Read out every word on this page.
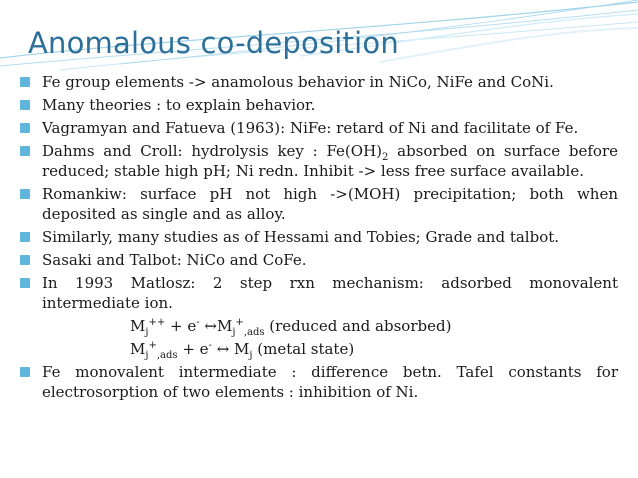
Anomalous co-deposition
Fe group elements -> anamolous behavior in NiCo, NiFe and CoNi.
Many theories : to explain behavior.
Vagramyan and Fatueva (1963): NiFe: retard of Ni and facilitate of Fe.
Dahms and Croll: hydrolysis key : $Fe(OH)_2$ absorbed on surface before reduced; stable high pH; Ni redn. Inhibit -> less free surface available.
Romankiw: surface pH not high ->(MOH) precipitation; both when deposited as single and as alloy.
Similarly, many studies as of Hessami and Tobies; Grade and talbot.
Sasaki and Talbot: NiCo and CoFe.
In 1993 Matlosz: 2 step rxn mechanism: adsorbed monovalent intermediate ion.
$M_j^{++} + e^-$ $\leftrightarrow M_j^+_{,ads}$ (reduced and absorbed)
$M_j^+_{,ads} + e^-$ ↔ $M_j$ (metal state)
Fe monovalent intermediate : difference betn. Tafel constants for electrosorption of two elements : inhibition of Ni.
